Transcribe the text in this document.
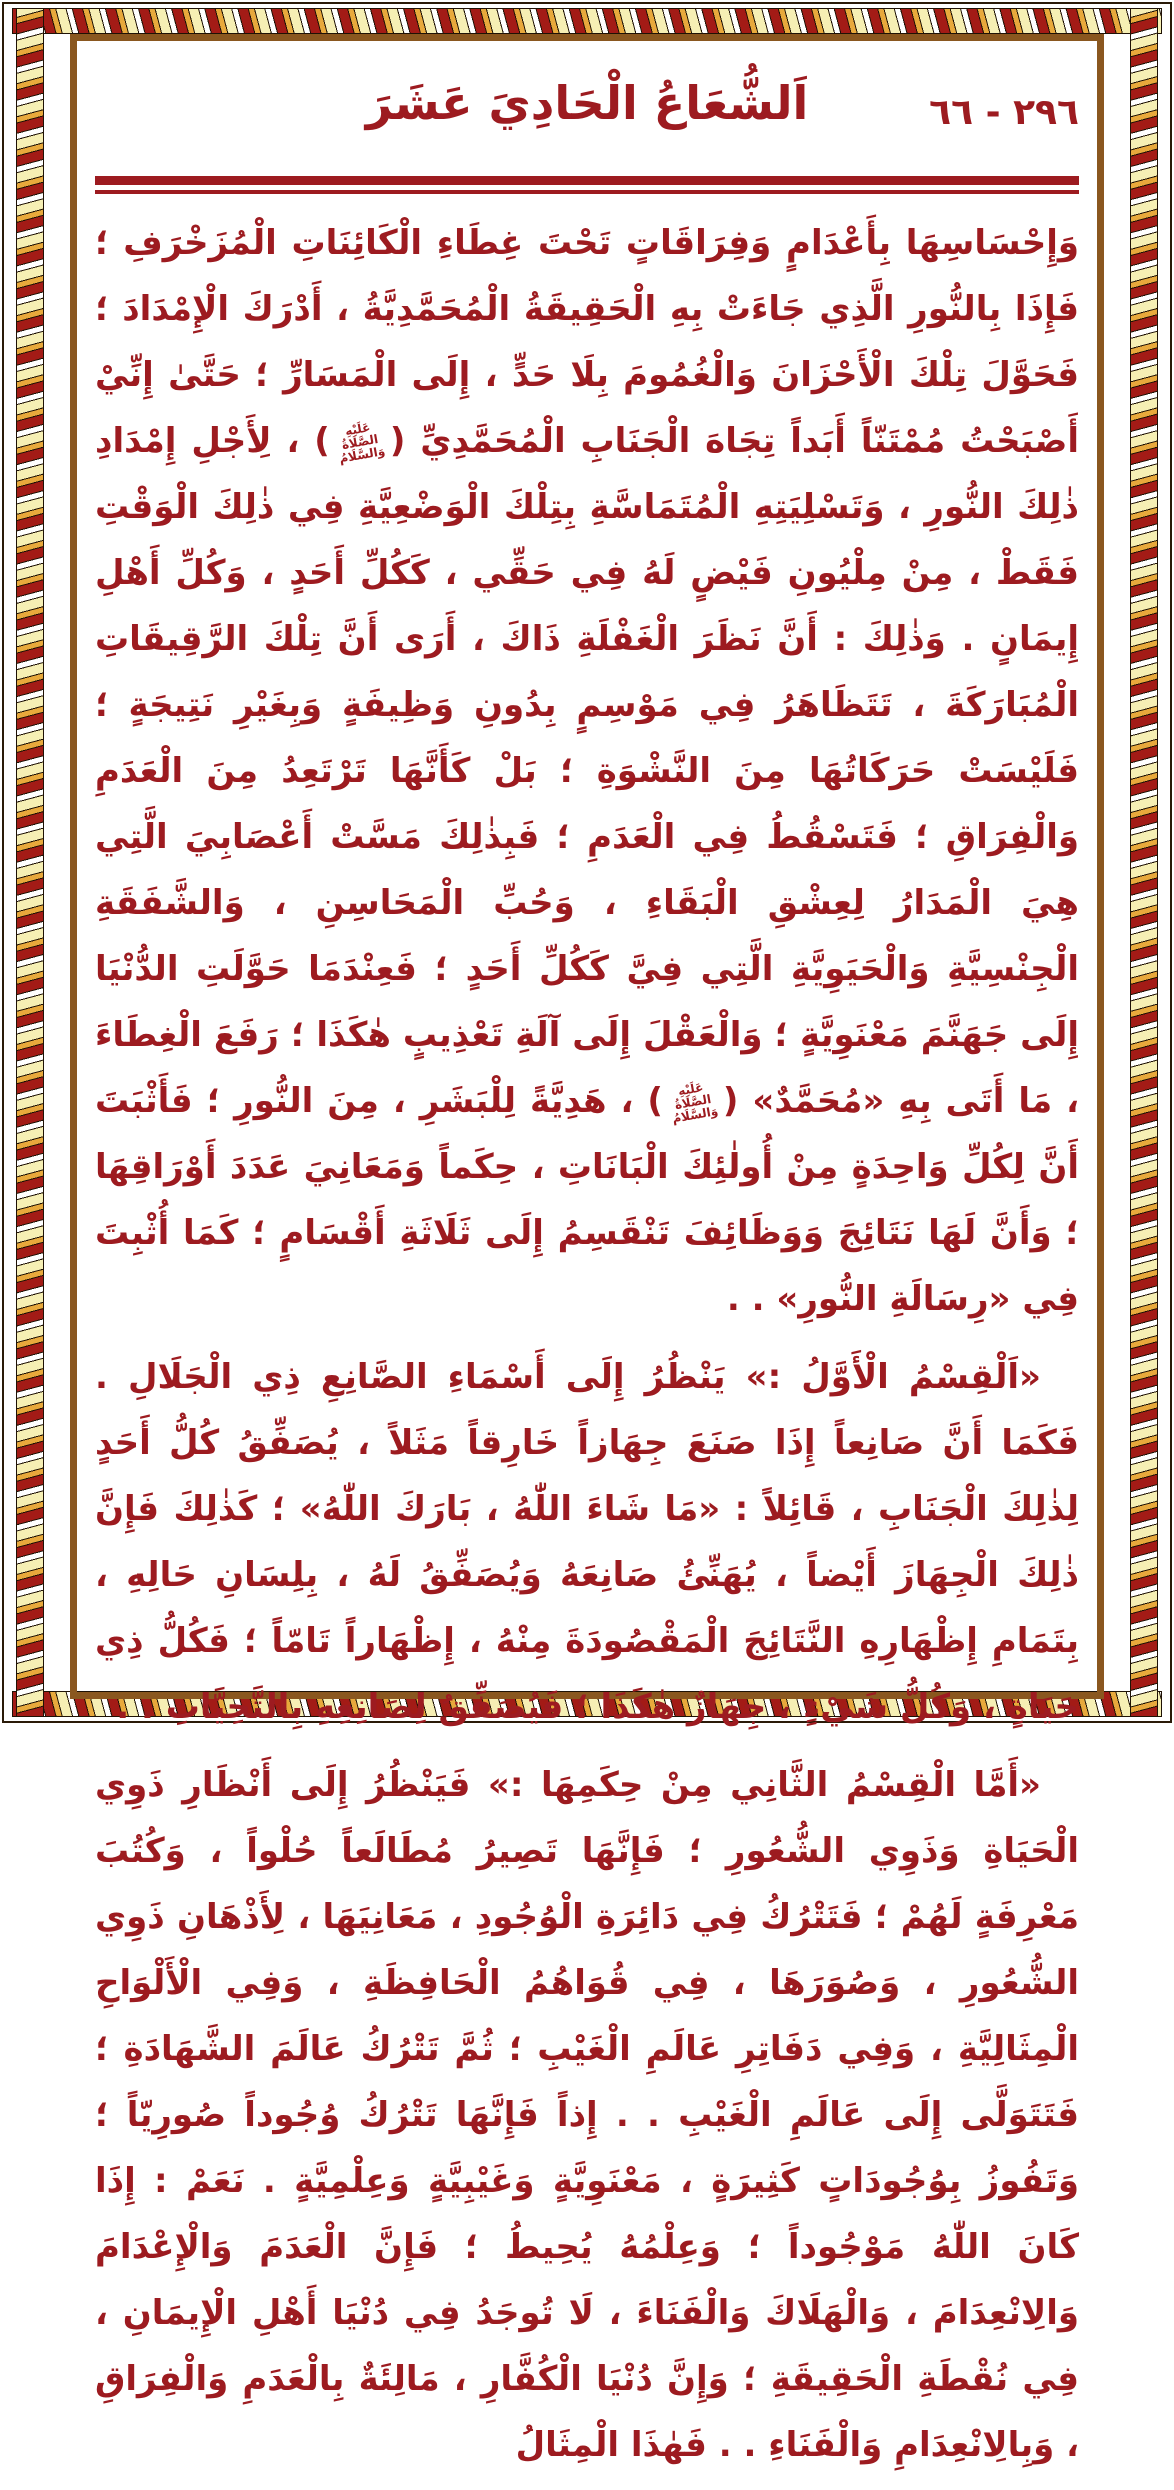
اَلشُّعَاعُ الْحَادِيَ عَشَرَ	٢٩٦ - ٦٦

وَإِحْسَاسِهَا بِأَعْدَامٍ وَفِرَاقَاتٍ تَحْتَ غِطَاءِ الْكَائِنَاتِ الْمُزَخْرَفِ ؛ فَإِذَا بِالنُّورِ الَّذِي جَاءَتْ بِهِ الْحَقِيقَةُ الْمُحَمَّدِيَّةُ ، أَدْرَكَ الْإِمْدَادَ ؛ فَحَوَّلَ تِلْكَ الْأَحْزَانَ وَالْغُمُومَ بِلَا حَدٍّ ، إِلَى الْمَسَارِّ ؛ حَتَّىٰ إِنِّيْ أَصْبَحْتُ مُمْتَنّاً أَبَداً تِجَاهَ الْجَنَابِ الْمُحَمَّدِيِّ (عَلَيْهِ الصَّلَاةُ وَالسَّلَامُ) ، لِأَجْلِ إِمْدَادِ ذٰلِكَ النُّورِ ، وَتَسْلِيَتِهِ الْمُتَمَاسَّةِ بِتِلْكَ الْوَضْعِيَّةِ فِي ذٰلِكَ الْوَقْتِ فَقَطْ ، مِنْ مِلْيُونِ فَيْضٍ لَهُ فِي حَقِّي ، كَكُلِّ أَحَدٍ ، وَكُلِّ أَهْلِ إِيمَانٍ . وَذٰلِكَ : أَنَّ نَظَرَ الْغَفْلَةِ ذَاكَ ، أَرَى أَنَّ تِلْكَ الرَّقِيقَاتِ الْمُبَارَكَةَ ، تَتَظَاهَرُ فِي مَوْسِمٍ بِدُونِ وَظِيفَةٍ وَبِغَيْرِ نَتِيجَةٍ ؛ فَلَيْسَتْ حَرَكَاتُهَا مِنَ النَّشْوَةِ ؛ بَلْ كَأَنَّهَا تَرْتَعِدُ مِنَ الْعَدَمِ وَالْفِرَاقِ ؛ فَتَسْقُطُ فِي الْعَدَمِ ؛ فَبِذٰلِكَ مَسَّتْ أَعْصَابِيَ الَّتِي هِيَ الْمَدَارُ لِعِشْقِ الْبَقَاءِ ، وَحُبِّ الْمَحَاسِنِ ، وَالشَّفَقَةِ الْجِنْسِيَّةِ وَالْحَيَوِيَّةِ الَّتِي فِيَّ كَكُلِّ أَحَدٍ ؛ فَعِنْدَمَا حَوَّلَتِ الدُّنْيَا إِلَى جَهَنَّمَ مَعْنَوِيَّةٍ ؛ وَالْعَقْلَ إِلَى آلَةِ تَعْذِيبٍ هٰكَذَا ؛ رَفَعَ الْغِطَاءَ ، مَا أَتَى بِهِ «مُحَمَّدٌ» (عَلَيْهِ الصَّلَاةُ وَالسَّلَامُ) ، هَدِيَّةً لِلْبَشَرِ ، مِنَ النُّورِ ؛ فَأَثْبَتَ أَنَّ لِكُلِّ وَاحِدَةٍ مِنْ أُولٰئِكَ الْبَانَاتِ ، حِكَماً وَمَعَانِيَ عَدَدَ أَوْرَاقِهَا ؛ وَأَنَّ لَهَا نَتَائِجَ وَوَظَائِفَ تَنْقَسِمُ إِلَى ثَلَاثَةِ أَقْسَامٍ ؛ كَمَا أُثْبِتَ فِي «رِسَالَةِ النُّورِ» . .

«اَلْقِسْمُ الْأَوَّلُ :» يَنْظُرُ إِلَى أَسْمَاءِ الصَّانِعِ ذِي الْجَلَالِ . فَكَمَا أَنَّ صَانِعاً إِذَا صَنَعَ جِهَازاً خَارِقاً مَثَلاً ، يُصَفِّقُ كُلُّ أَحَدٍ لِذٰلِكَ الْجَنَابِ ، قَائِلاً : «مَا شَاءَ اللّٰهُ ، بَارَكَ اللّٰهُ» ؛ كَذٰلِكَ فَإِنَّ ذٰلِكَ الْجِهَازَ أَيْضاً ، يُهَنِّئُ صَانِعَهُ وَيُصَفِّقُ لَهُ ، بِلِسَانِ حَالِهِ ، بِتَمَامِ إِظْهَارِهِ النَّتَائِجَ الْمَقْصُودَةَ مِنْهُ ، إِظْهَاراً تَامّاً ؛ فَكُلُّ ذِي حَيَاةٍ ، وَكُلُّ شَيْءٍ ، جِهَازٌ هٰكَذَا ؛ فَيُصَفِّقُ لِصَانِعِهِ بِالتَّحِيَّاتِ . .

«أَمَّا الْقِسْمُ الثَّانِي مِنْ حِكَمِهَا :» فَيَنْظُرُ إِلَى أَنْظَارِ ذَوِي الْحَيَاةِ وَذَوِي الشُّعُورِ ؛ فَإِنَّهَا تَصِيرُ مُطَالَعاً حُلْواً ، وَكُتُبَ مَعْرِفَةٍ لَهُمْ ؛ فَتَتْرُكُ فِي دَائِرَةِ الْوُجُودِ ، مَعَانِيَهَا ، لِأَذْهَانِ ذَوِي الشُّعُورِ ، وَصُوَرَهَا ، فِي قُوَاهُمُ الْحَافِظَةِ ، وَفِي الْأَلْوَاحِ الْمِثَالِيَّةِ ، وَفِي دَفَاتِرِ عَالَمِ الْغَيْبِ ؛ ثُمَّ تَتْرُكُ عَالَمَ الشَّهَادَةِ ؛ فَتَتَوَلَّى إِلَى عَالَمِ الْغَيْبِ . . إِذاً فَإِنَّهَا تَتْرُكُ وُجُوداً صُورِيّاً ؛ وَتَفُوزُ بِوُجُودَاتٍ كَثِيرَةٍ ، مَعْنَوِيَّةٍ وَغَيْبِيَّةٍ وَعِلْمِيَّةٍ . نَعَمْ : إِذَا كَانَ اللّٰهُ مَوْجُوداً ؛ وَعِلْمُهُ يُحِيطُ ؛ فَإِنَّ الْعَدَمَ وَالْإِعْدَامَ وَالِانْعِدَامَ ، وَالْهَلَاكَ وَالْفَنَاءَ ، لَا تُوجَدُ فِي دُنْيَا أَهْلِ الْإِيمَانِ ، فِي نُقْطَةِ الْحَقِيقَةِ ؛ وَإِنَّ دُنْيَا الْكُفَّارِ ، مَالِئَةٌ بِالْعَدَمِ وَالْفِرَاقِ ، وَبِالِانْعِدَامِ وَالْفَنَاءِ . . فَهٰذَا الْمِثَالُ
